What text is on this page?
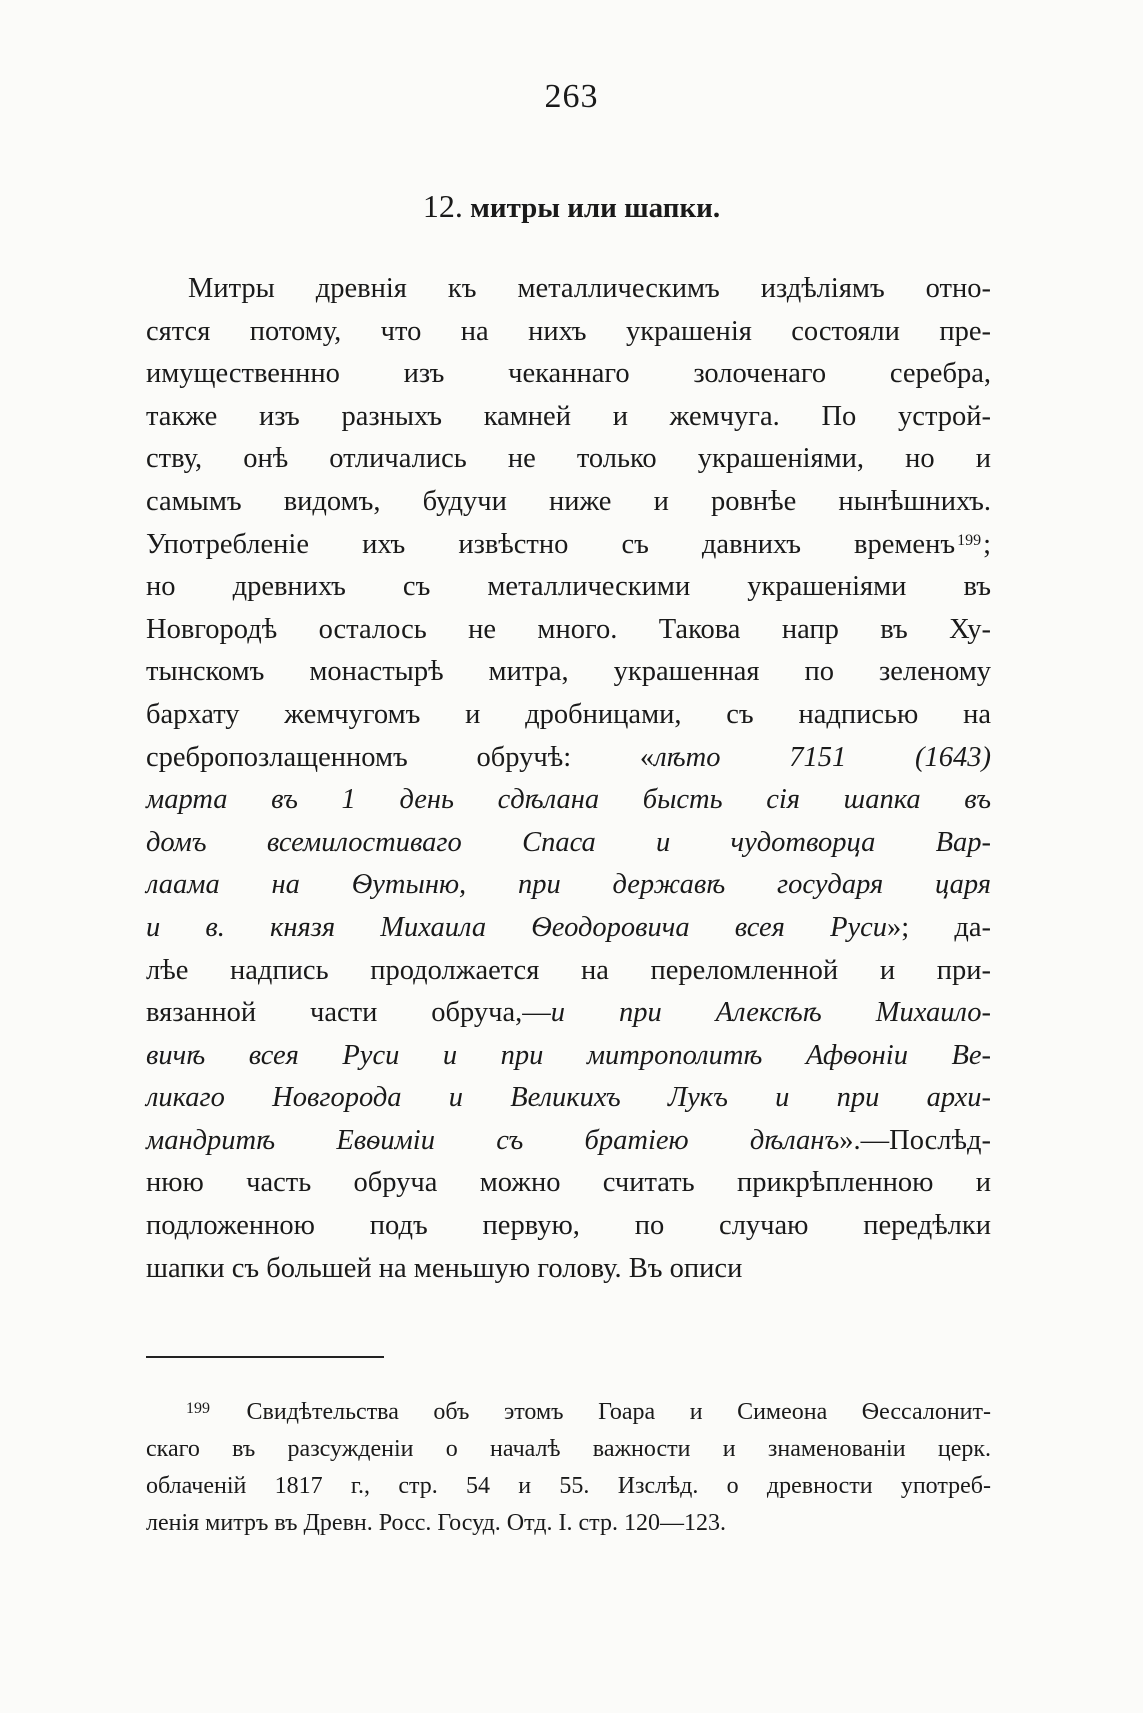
263
12. митры или шапки.
Митры древнія къ металлическимъ издѣліямъ отно-
сятся потому, что на нихъ украшенія состояли пре-
имущественнно изъ чеканнаго золоченаго серебра,
также изъ разныхъ камней и жемчуга. По устрой-
ству, онѣ отличались не только украшеніями, но и
самымъ видомъ, будучи ниже и ровнѣе нынѣшнихъ.
Употребленіе ихъ извѣстно съ давнихъ временъ $^{199}$;
но древнихъ съ металлическими украшеніями въ
Новгородѣ осталось не много. Такова напр въ Ху-
тынскомъ монастырѣ митра, украшенная по зеленому
бархату жемчугомъ и дробницами, съ надписью на
сребропозлащенномъ обручѣ: «лѣто 7151 (1643)
марта въ 1 день сдѣлана бысть сія шапка въ
домъ всемилостиваго Спаса и чудотворца Вар-
лаама на Ѳутыню, при державѣ государя царя
и в. князя Михаила Ѳеодоровича всея Руси»; да-
лѣе надпись продолжается на переломленной и при-
вязанной части обруча,—и при Алексѣѣ Михаило-
вичѣ всея Руси и при митрополитѣ Афѳоніи Ве-
ликаго Новгорода и Великихъ Лукъ и при архи-
мандритѣ Евѳиміи съ братіею дѣланъ».—Послѣд-
нюю часть обруча можно считать прикрѣпленною и
подложенною подъ первую, по случаю передѣлки
шапки съ большей на меньшую голову. Въ описи
$^{199}$ Свидѣтельства объ этомъ Гоара и Симеона Ѳессалонит-
скаго въ разсужденіи о началѣ важности и знаменованіи церк.
облаченій 1817 г., стр. 54 и 55. Изслѣд. о древности употреб-
ленія митръ въ Древн. Росс. Госуд. Отд. I. стр. 120—123.
